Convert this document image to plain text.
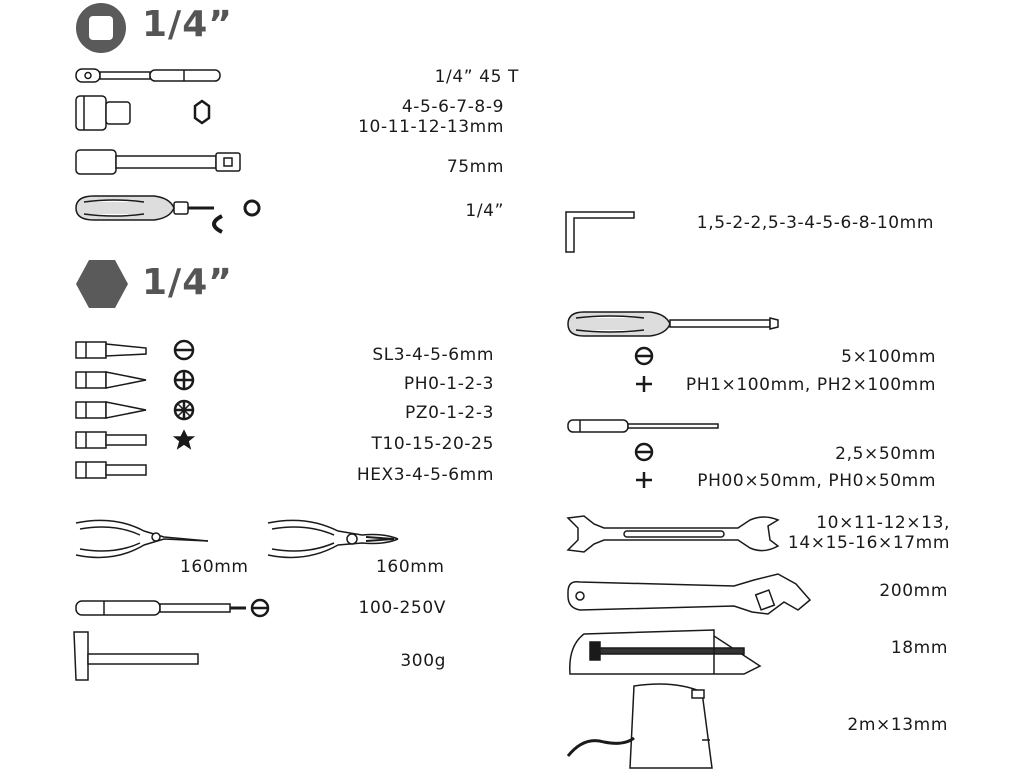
1/4”
1/4”
1/4” 45 T
4-5-6-7-8-9
10-11-12-13mm
75mm
1/4”
SL3-4-5-6mm
PH0-1-2-3
PZ0-1-2-3
T10-15-20-25
HEX3-4-5-6mm
160mm	160mm
100-250V
300g
1,5-2-2,5-3-4-5-6-8-10mm
5×100mm
PH1×100mm, PH2×100mm
2,5×50mm
PH00×50mm, PH0×50mm
10×11-12×13,
14×15-16×17mm
200mm
18mm
2m×13mm
